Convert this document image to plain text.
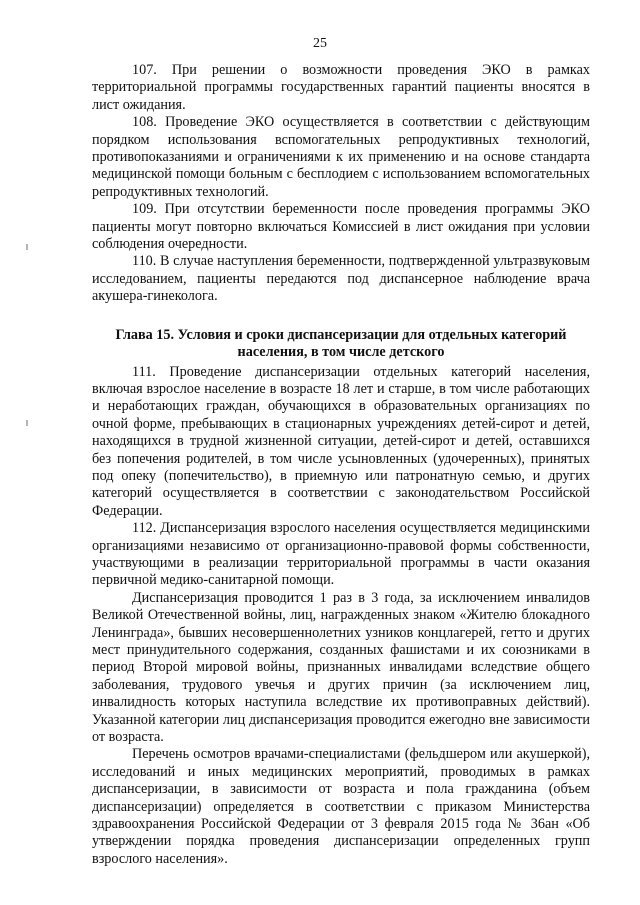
25

107. При решении о возможности проведения ЭКО в рамках территориальной программы государственных гарантий пациенты вносятся в лист ожидания.

108. Проведение ЭКО осуществляется в соответствии с действующим порядком использования вспомогательных репродуктивных технологий, противопоказаниями и ограничениями к их применению и на основе стандарта медицинской помощи больным с бесплодием с использованием вспомогательных репродуктивных технологий.

109. При отсутствии беременности после проведения программы ЭКО пациенты могут повторно включаться Комиссией в лист ожидания при условии соблюдения очередности.

110. В случае наступления беременности, подтвержденной ультразвуковым исследованием, пациенты передаются под диспансерное наблюдение врача акушера-гинеколога.

Глава 15. Условия и сроки диспансеризации для отдельных категорий населения, в том числе детского

111. Проведение диспансеризации отдельных категорий населения, включая взрослое население в возрасте 18 лет и старше, в том числе работающих и неработающих граждан, обучающихся в образовательных организациях по очной форме, пребывающих в стационарных учреждениях детей-сирот и детей, находящихся в трудной жизненной ситуации, детей-сирот и детей, оставшихся без попечения родителей, в том числе усыновленных (удочеренных), принятых под опеку (попечительство), в приемную или патронатную семью, и других категорий осуществляется в соответствии с законодательством Российской Федерации.

112. Диспансеризация взрослого населения осуществляется медицинскими организациями независимо от организационно-правовой формы собственности, участвующими в реализации территориальной программы в части оказания первичной медико-санитарной помощи.

Диспансеризация проводится 1 раз в 3 года, за исключением инвалидов Великой Отечественной войны, лиц, награжденных знаком «Жителю блокадного Ленинграда», бывших несовершеннолетних узников концлагерей, гетто и других мест принудительного содержания, созданных фашистами и их союзниками в период Второй мировой войны, признанных инвалидами вследствие общего заболевания, трудового увечья и других причин (за исключением лиц, инвалидность которых наступила вследствие их противоправных действий). Указанной категории лиц диспансеризация проводится ежегодно вне зависимости от возраста.

Перечень осмотров врачами-специалистами (фельдшером или акушеркой), исследований и иных медицинских мероприятий, проводимых в рамках диспансеризации, в зависимости от возраста и пола гражданина (объем диспансеризации) определяется в соответствии с приказом Министерства здравоохранения Российской Федерации от 3 февраля 2015 года № 36ан «Об утверждении порядка проведения диспансеризации определенных групп взрослого населения».
